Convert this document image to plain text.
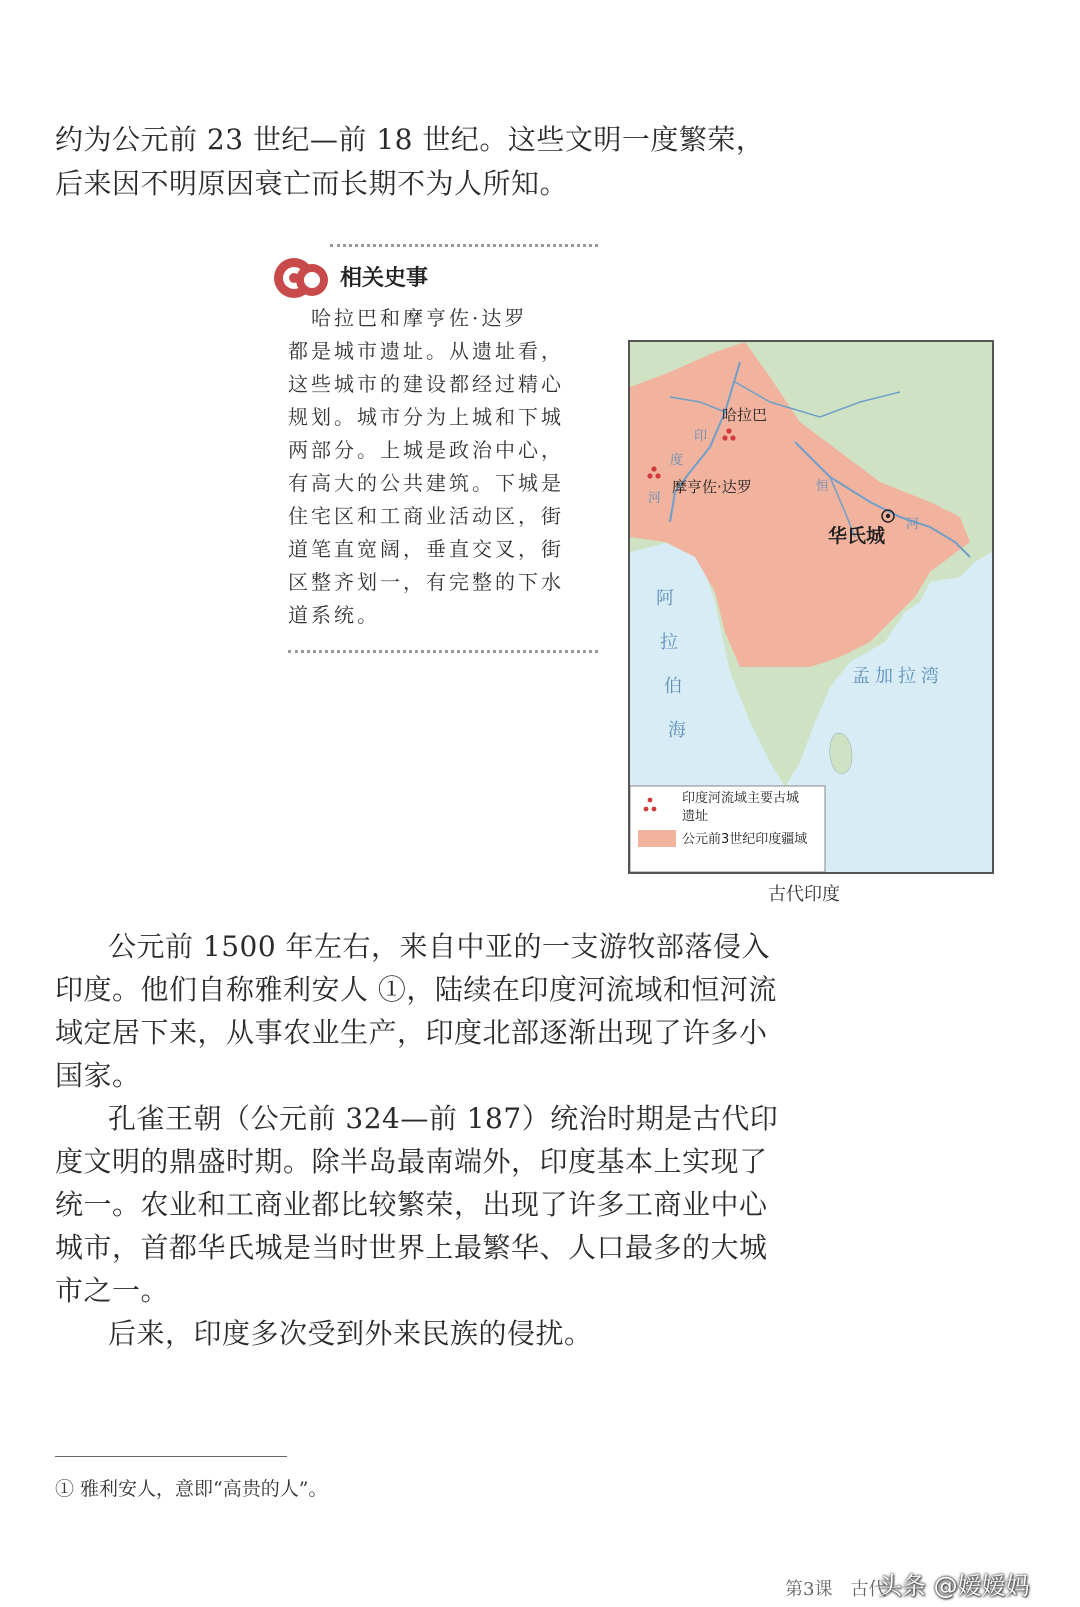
约为公元前 23 世纪—前 18 世纪。这些文明一度繁荣，

后来因不明原因衰亡而长期不为人所知。

相关史事
　哈拉巴和摩亨佐·达罗
都是城市遗址。从遗址看，
这些城市的建设都经过精心
规划。城市分为上城和下城
两部分。上城是政治中心，
有高大的公共建筑。下城是
住宅区和工商业活动区，街
道笔直宽阔，垂直交叉，街
区整齐划一，有完整的下水
道系统。
哈拉巴
摩亨佐·达罗
华氏城
印
度
河
恒
河
阿
拉
伯
海
孟加拉湾
印度河流域主要古城
遗址
公元前3世纪印度疆域
古代印度

公元前 1500 年左右，来自中亚的一支游牧部落侵入

印度。他们自称雅利安人 ①，陆续在印度河流域和恒河流

域定居下来，从事农业生产，印度北部逐渐出现了许多小

国家。

孔雀王朝（公元前 324—前 187）统治时期是古代印

度文明的鼎盛时期。除半岛最南端外，印度基本上实现了

统一。农业和工商业都比较繁荣，出现了许多工商业中心

城市，首都华氏城是当时世界上最繁华、人口最多的大城

市之一。

后来，印度多次受到外来民族的侵扰。

① 雅利安人，意即“高贵的人”。
第3课　古代
头条 @嫒嫒妈
